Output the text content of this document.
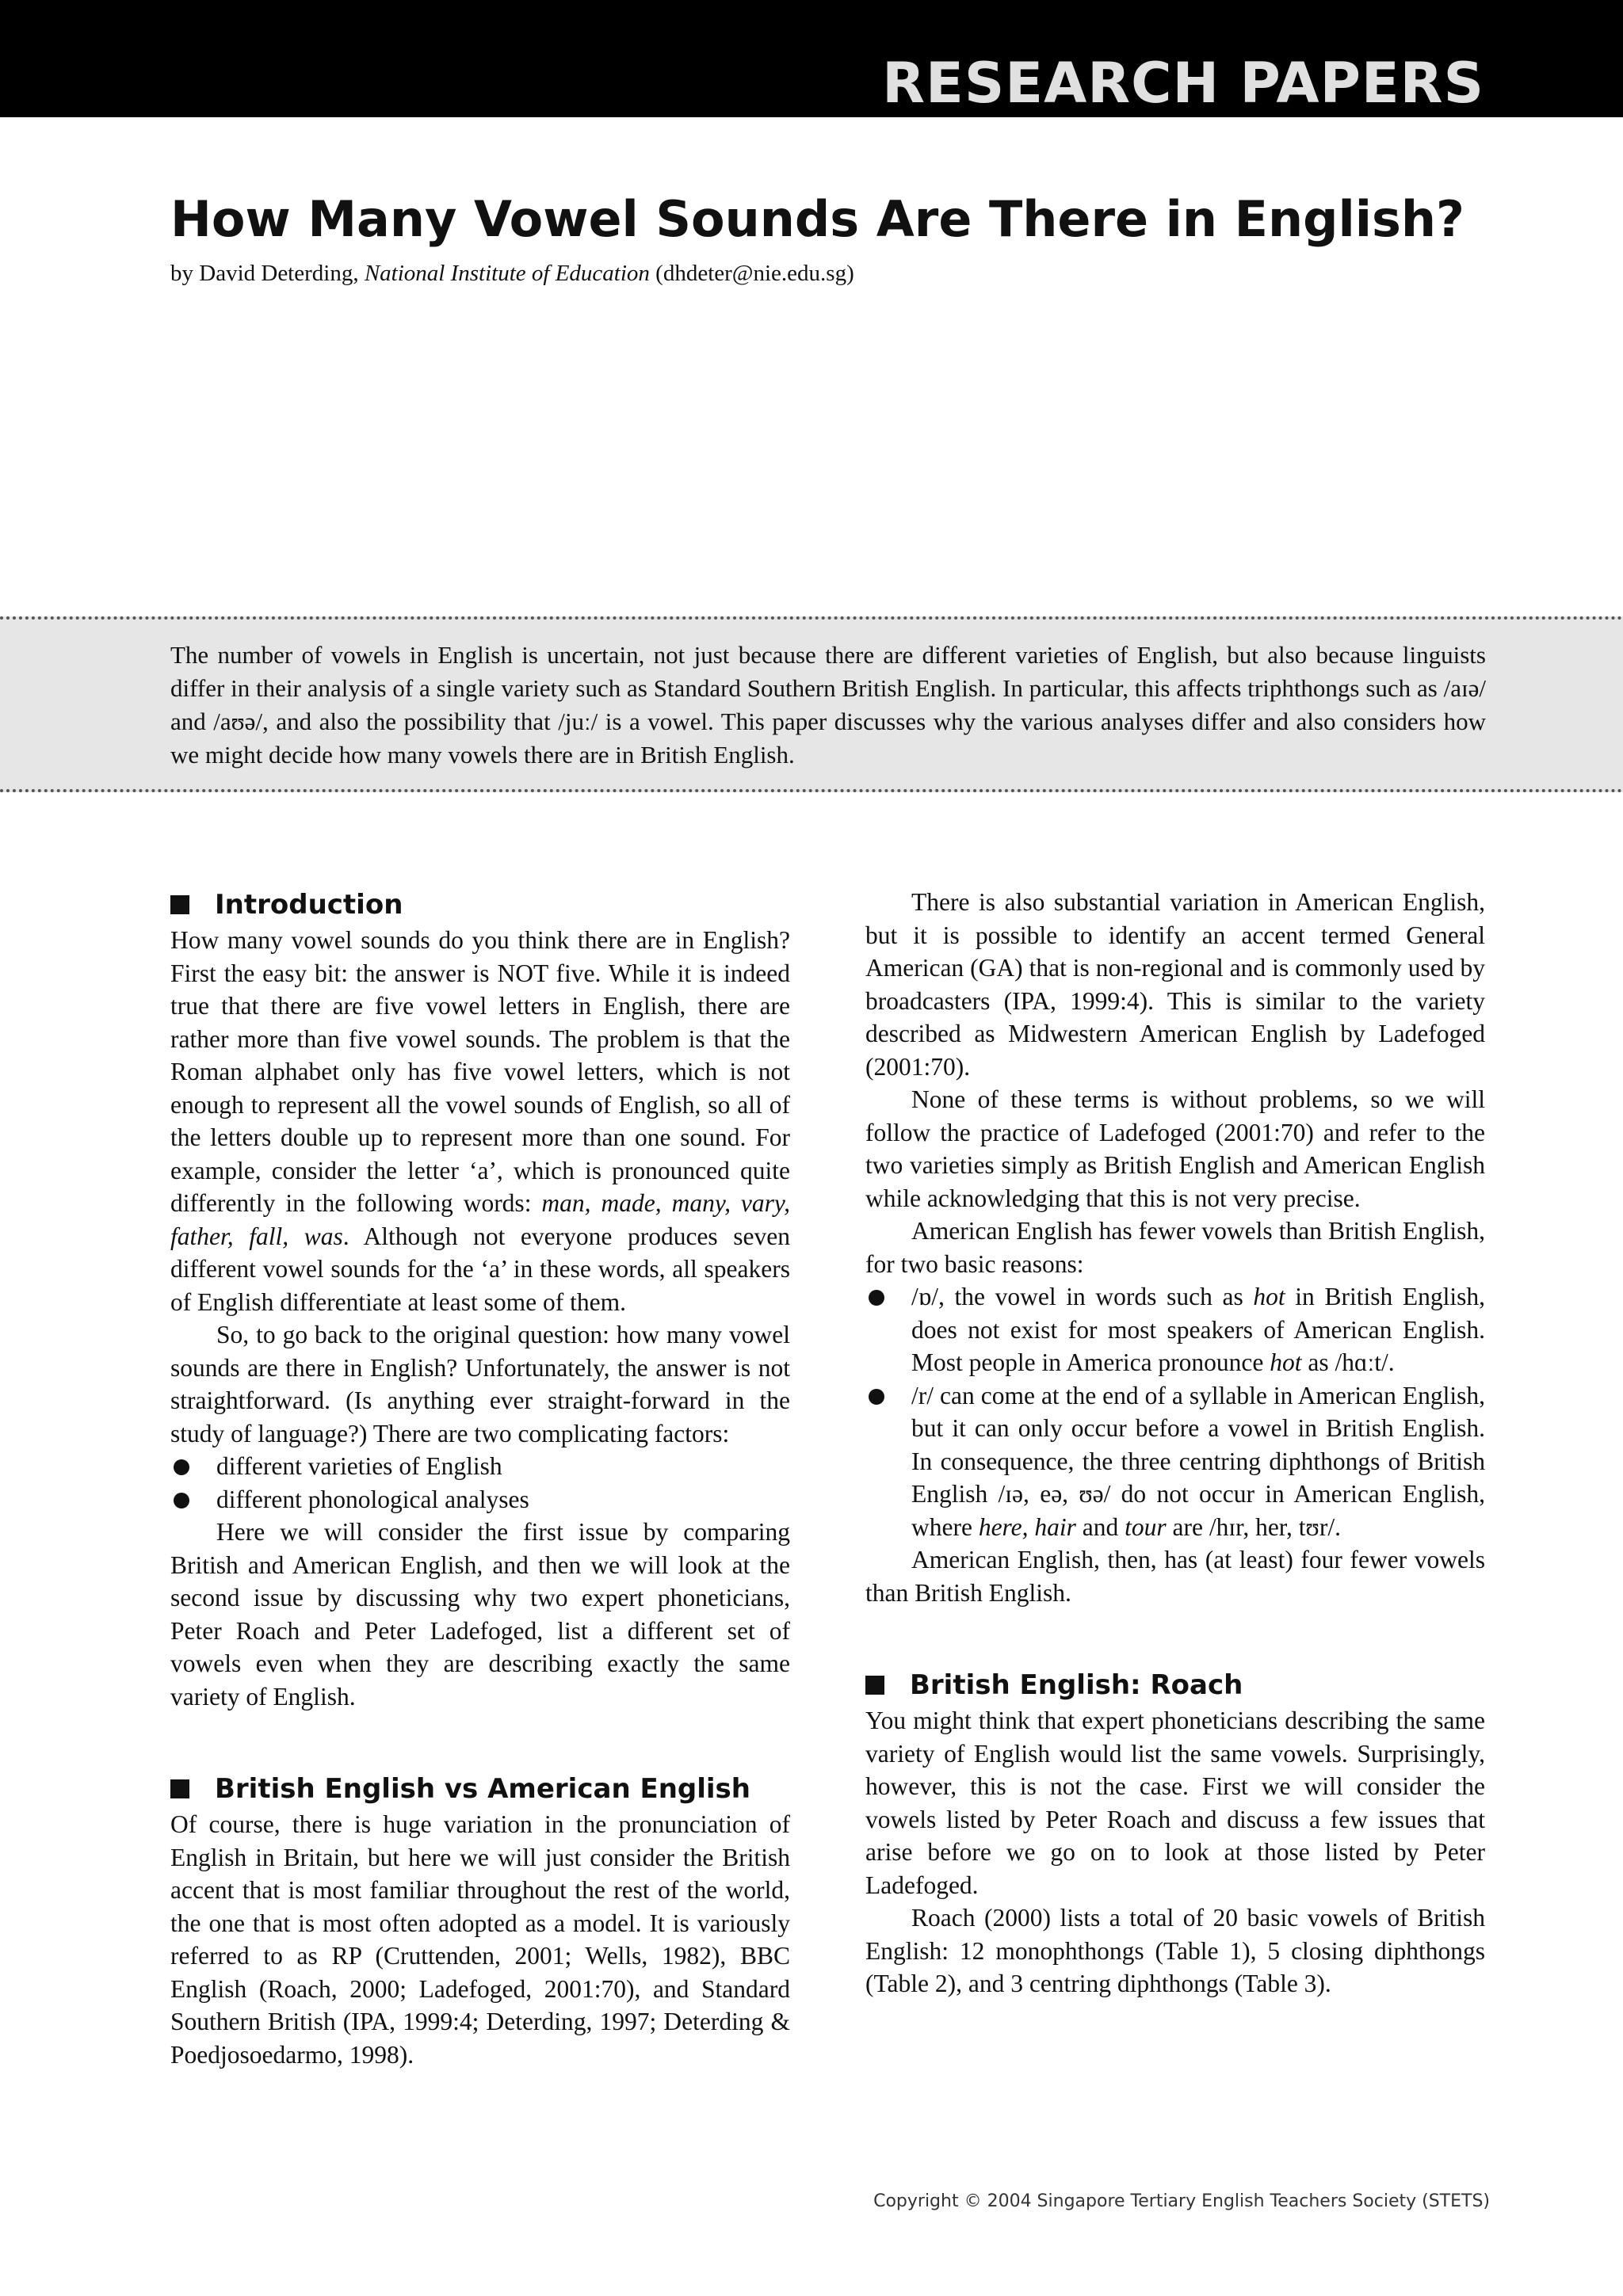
RESEARCH PAPERS
How Many Vowel Sounds Are There in English?
by David Deterding, National Institute of Education (dhdeter@nie.edu.sg)

The number of vowels in English is uncertain, not just because there are different varieties of English, but also because linguists differ in their analysis of a single variety such as Standard Southern British English. In particular, this affects triphthongs such as /aɪə/ and /aʊə/, and also the possibility that /juː/ is a vowel. This paper discusses why the various analyses differ and also considers how we might decide how many vowels there are in British English.

Introduction

How many vowel sounds do you think there are in English? First the easy bit: the answer is NOT five. While it is indeed true that there are five vowel letters in English, there are rather more than five vowel sounds. The problem is that the Roman alphabet only has five vowel letters, which is not enough to represent all the vowel sounds of English, so all of the letters double up to represent more than one sound. For example, consider the letter ‘a’, which is pronounced quite differently in the following words: man, made, many, vary, father, fall, was. Although not everyone produces seven different vowel sounds for the ‘a’ in these words, all speakers of English differentiate at least some of them.

So, to go back to the original question: how many vowel sounds are there in English? Unfortunately, the answer is not straightforward. (Is anything ever straight-forward in the study of language?) There are two complicating factors:

different varieties of English
different phonological analyses

Here we will consider the first issue by comparing British and American English, and then we will look at the second issue by discussing why two expert phoneticians, Peter Roach and Peter Ladefoged, list a different set of vowels even when they are describing exactly the same variety of English.

British English vs American English

Of course, there is huge variation in the pronunciation of English in Britain, but here we will just consider the British accent that is most familiar throughout the rest of the world, the one that is most often adopted as a model. It is variously referred to as RP (Cruttenden, 2001; Wells, 1982), BBC English (Roach, 2000; Ladefoged, 2001:70), and Standard Southern British (IPA, 1999:4; Deterding, 1997; Deterding & Poedjosoedarmo, 1998).

There is also substantial variation in American English, but it is possible to identify an accent termed General American (GA) that is non-regional and is commonly used by broadcasters (IPA, 1999:4). This is similar to the variety described as Midwestern American English by Ladefoged (2001:70).

None of these terms is without problems, so we will follow the practice of Ladefoged (2001:70) and refer to the two varieties simply as British English and American English while acknowledging that this is not very precise.

American English has fewer vowels than British English, for two basic reasons:

/ɒ/, the vowel in words such as hot in British English, does not exist for most speakers of American English. Most people in America pronounce hot as /hɑːt/.
/r/ can come at the end of a syllable in American English, but it can only occur before a vowel in British English. In consequence, the three centring diphthongs of British English /ɪə, eə, ʊə/ do not occur in American English, where here, hair and tour are /hɪr, her, tʊr/.

American English, then, has (at least) four fewer vowels than British English.

British English: Roach

You might think that expert phoneticians describing the same variety of English would list the same vowels. Surprisingly, however, this is not the case. First we will consider the vowels listed by Peter Roach and discuss a few issues that arise before we go on to look at those listed by Peter Ladefoged.

Roach (2000) lists a total of 20 basic vowels of British English: 12 monophthongs (Table 1), 5 closing diphthongs (Table 2), and 3 centring diphthongs (Table 3).

Copyright © 2004 Singapore Tertiary English Teachers Society (STETS)
